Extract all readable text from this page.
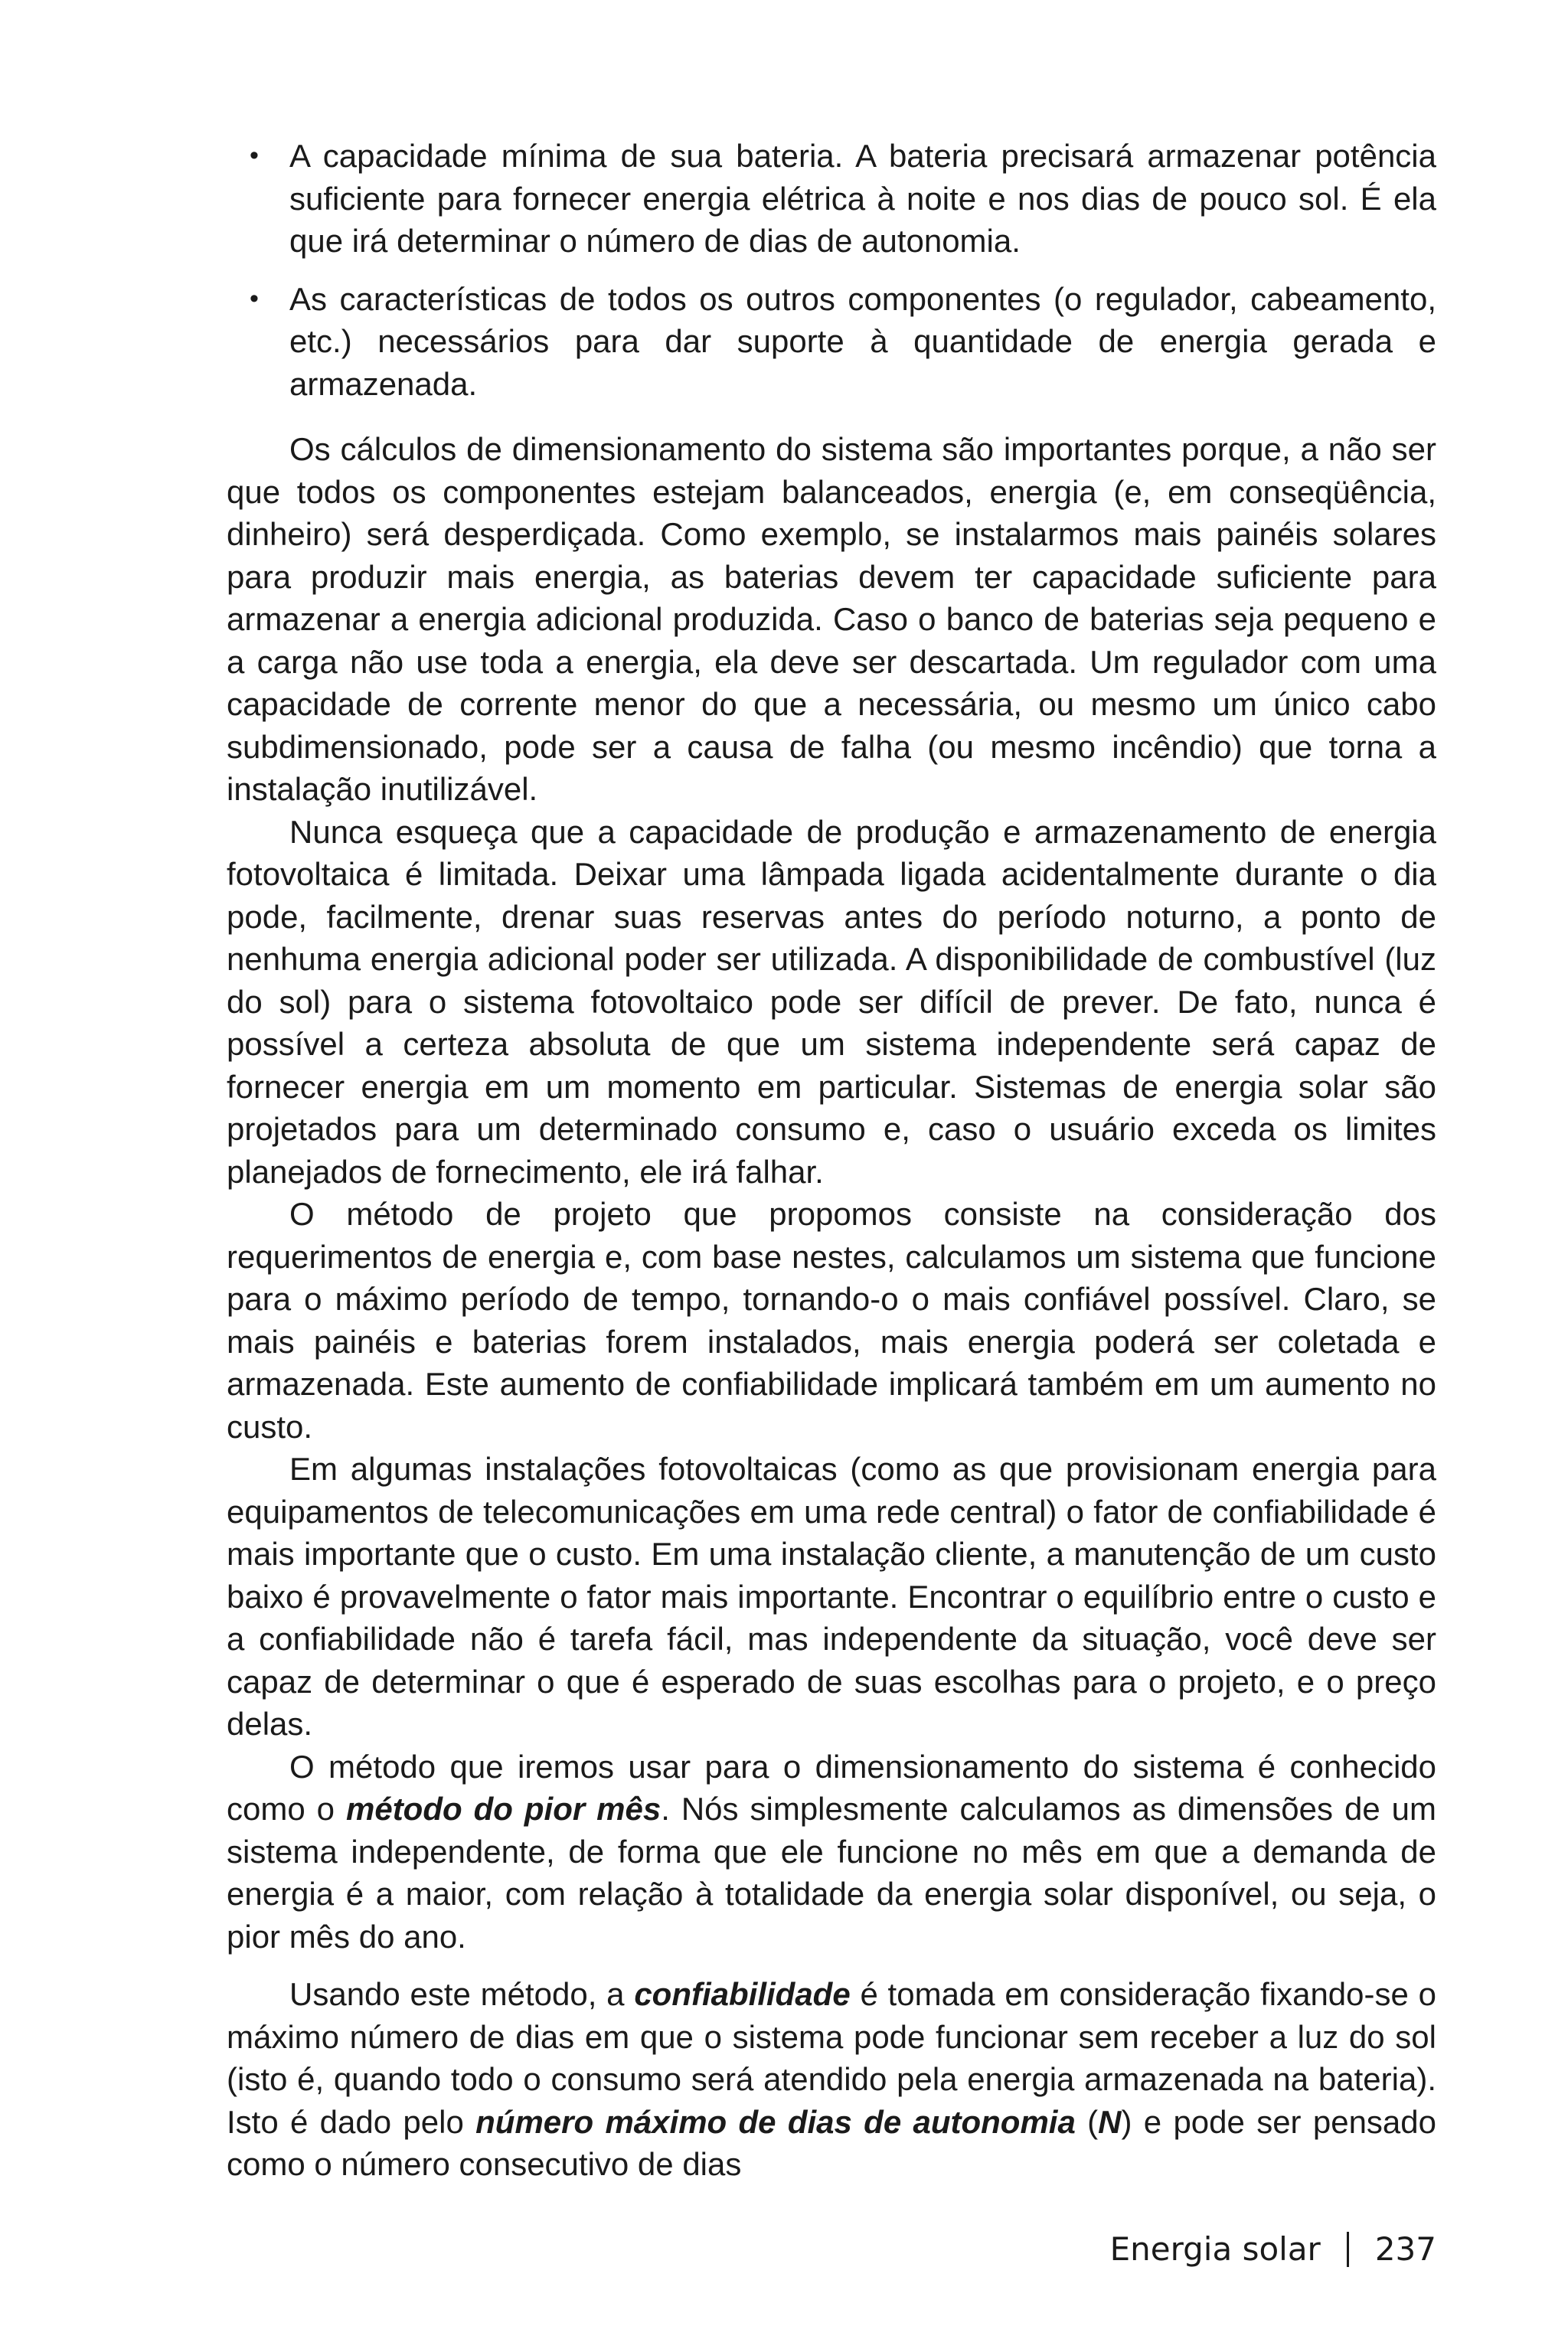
• A capacidade mínima de sua bateria. A bateria precisará armazenar potência suficiente para fornecer energia elétrica à noite e nos dias de pouco sol. É ela que irá determinar o número de dias de autonomia.
• As características de todos os outros componentes (o regulador, cabeamento, etc.) necessários para dar suporte à quantidade de energia gerada e armazenada.

Os cálculos de dimensionamento do sistema são importantes porque, a não ser que todos os componentes estejam balanceados, energia (e, em conseqüência, dinheiro) será desperdiçada. Como exemplo, se instalarmos mais painéis solares para produzir mais energia, as baterias devem ter capacidade suficiente para armazenar a energia adicional produzida. Caso o banco de baterias seja pequeno e a carga não use toda a energia, ela deve ser descartada. Um regulador com uma capacidade de corrente menor do que a necessária, ou mesmo um único cabo subdimensionado, pode ser a causa de falha (ou mesmo incêndio) que torna a instalação inutilizável.

Nunca esqueça que a capacidade de produção e armazenamento de energia fotovoltaica é limitada. Deixar uma lâmpada ligada acidentalmente durante o dia pode, facilmente, drenar suas reservas antes do período noturno, a ponto de nenhuma energia adicional poder ser utilizada. A disponibilidade de combustível (luz do sol) para o sistema fotovoltaico pode ser difícil de prever. De fato, nunca é possível a certeza absoluta de que um sistema independente será capaz de fornecer energia em um momento em particular. Sistemas de energia solar são projetados para um determinado consumo e, caso o usuário exceda os limites planejados de fornecimento, ele irá falhar.

O método de projeto que propomos consiste na consideração dos requerimentos de energia e, com base nestes, calculamos um sistema que funcione para o máximo período de tempo, tornando-o o mais confiável possível. Claro, se mais painéis e baterias forem instalados, mais energia poderá ser coletada e armazenada. Este aumento de confiabilidade implicará também em um aumento no custo.

Em algumas instalações fotovoltaicas (como as que provisionam energia para equipamentos de telecomunicações em uma rede central) o fator de confiabilidade é mais importante que o custo. Em uma instalação cliente, a manutenção de um custo baixo é provavelmente o fator mais importante. Encontrar o equilíbrio entre o custo e a confiabilidade não é tarefa fácil, mas independente da situação, você deve ser capaz de determinar o que é esperado de suas escolhas para o projeto, e o preço delas.

O método que iremos usar para o dimensionamento do sistema é conhecido como o método do pior mês. Nós simplesmente calculamos as dimensões de um sistema independente, de forma que ele funcione no mês em que a demanda de energia é a maior, com relação à totalidade da energia solar disponível, ou seja, o pior mês do ano.

Usando este método, a confiabilidade é tomada em consideração fixando-se o máximo número de dias em que o sistema pode funcionar sem receber a luz do sol (isto é, quando todo o consumo será atendido pela energia armazenada na bateria). Isto é dado pelo número máximo de dias de autonomia (N) e pode ser pensado como o número consecutivo de dias

Energia solar 237
